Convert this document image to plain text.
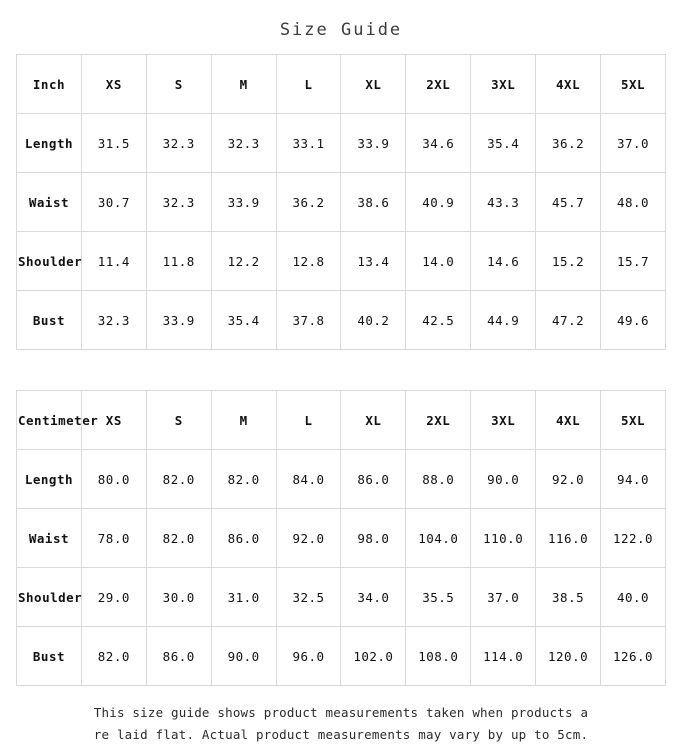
Size Guide
Inch	XS	S	M	L	XL	2XL	3XL	4XL	5XL
Length	31.5	32.3	32.3	33.1	33.9	34.6	35.4	36.2	37.0
Waist	30.7	32.3	33.9	36.2	38.6	40.9	43.3	45.7	48.0
Shoulder	11.4	11.8	12.2	12.8	13.4	14.0	14.6	15.2	15.7
Bust	32.3	33.9	35.4	37.8	40.2	42.5	44.9	47.2	49.6
Centimeter	XS	S	M	L	XL	2XL	3XL	4XL	5XL
Length	80.0	82.0	82.0	84.0	86.0	88.0	90.0	92.0	94.0
Waist	78.0	82.0	86.0	92.0	98.0	104.0	110.0	116.0	122.0
Shoulder	29.0	30.0	31.0	32.5	34.0	35.5	37.0	38.5	40.0
Bust	82.0	86.0	90.0	96.0	102.0	108.0	114.0	120.0	126.0
This size guide shows product measurements taken when products a
re laid flat. Actual product measurements may vary by up to 5cm.
